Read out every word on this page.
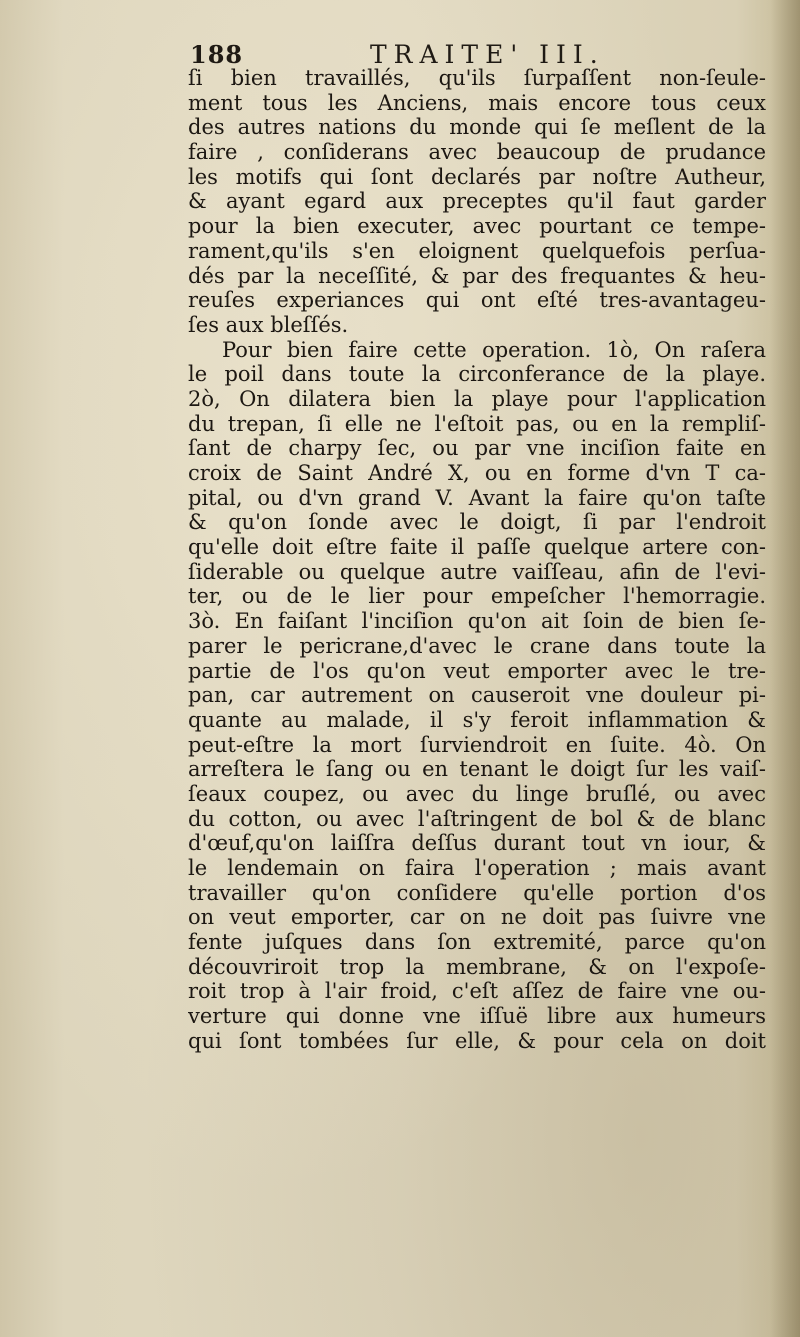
188	TRAITE' III.
ſi bien travaillés, qu'ils ſurpaſſent non-ſeule-
ment tous les Anciens, mais encore tous ceux
des autres nations du monde qui ſe meſlent de la
faire , conſiderans avec beaucoup de prudance
les motifs qui ſont declarés par noſtre Autheur,
& ayant egard aux preceptes qu'il faut garder
pour la bien executer, avec pourtant ce tempe-
rament,qu'ils s'en eloignent quelquefois perſua-
dés par la neceſſité, & par des frequantes & heu-
reuſes experiances qui ont eſté tres-avantageu-
ſes aux bleſſés.
Pour bien faire cette operation. 1ò, On raſera
le poil dans toute la circonferance de la playe.
2ò, On dilatera bien la playe pour l'application
du trepan, ſi elle ne l'eſtoit pas, ou en la rempliſ-
ſant de charpy ſec, ou par vne inciſion faite en
croix de Saint André X, ou en forme d'vn T ca-
pital, ou d'vn grand V. Avant la faire qu'on taſte
& qu'on ſonde avec le doigt, ſi par l'endroit
qu'elle doit eſtre faite il paſſe quelque artere con-
ſiderable ou quelque autre vaiſſeau, afin de l'evi-
ter, ou de le lier pour empeſcher l'hemorragie.
3ò. En faiſant l'inciſion qu'on ait ſoin de bien ſe-
parer le pericrane,d'avec le crane dans toute la
partie de l'os qu'on veut emporter avec le tre-
pan, car autrement on causeroit vne douleur pi-
quante au malade, il s'y feroit inflammation &
peut-eſtre la mort ſurviendroit en ſuite. 4ò. On
arreſtera le ſang ou en tenant le doigt ſur les vaiſ-
ſeaux coupez, ou avec du linge bruſlé, ou avec
du cotton, ou avec l'aſtringent de bol & de blanc
d'œuf,qu'on laiſſra deſſus durant tout vn iour, &
le lendemain on faira l'operation ; mais avant
travailler qu'on conſidere qu'elle portion d'os
on veut emporter, car on ne doit pas ſuivre vne
fente juſques dans ſon extremité, parce qu'on
découvriroit trop la membrane, & on l'expoſe-
roit trop à l'air froid, c'eſt aſſez de faire vne ou-
verture qui donne vne iſſuë libre aux humeurs
qui ſont tombées ſur elle, & pour cela on doit
